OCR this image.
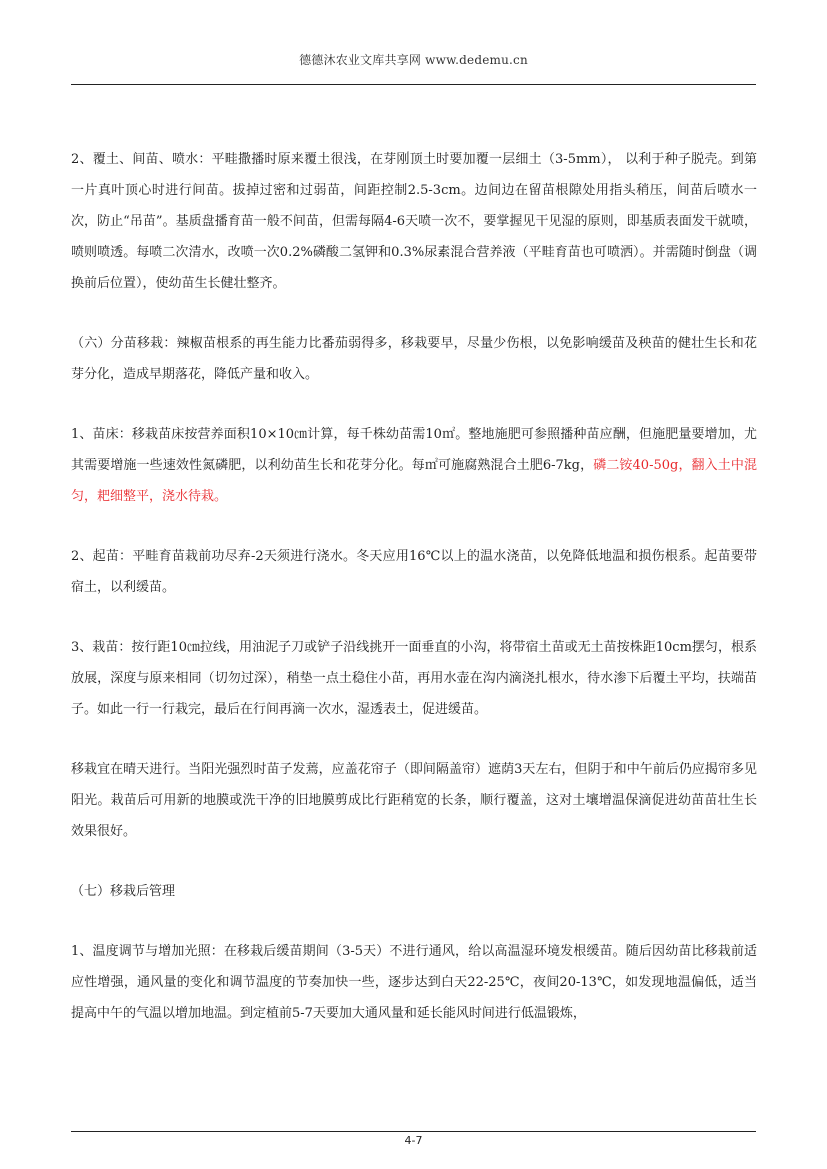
德德沐农业文库共享网 www.dedemu.cn

2、覆土、间苗、喷水：平畦撒播时原来覆土很浅，在芽刚顶土时要加覆一层细土（3-5mm）， 以利于种子脱壳。到第一片真叶顶心时进行间苗。拔掉过密和过弱苗，间距控制2.5-3cm。边间边在留苗根隙处用指头稍压，间苗后喷水一次，防止“吊苗”。基质盘播育苗一般不间苗，但需每隔4-6天喷一次不，要掌握见干见湿的原则，即基质表面发干就喷，喷则喷透。每喷二次清水，改喷一次0.2%磷酸二氢钾和0.3%尿素混合营养液（平畦育苗也可喷洒）。并需随时倒盘（调换前后位置），使幼苗生长健壮整齐。

（六）分苗移栽：辣椒苗根系的再生能力比番茄弱得多，移栽要早，尽量少伤根，以免影响缓苗及秧苗的健壮生长和花芽分化，造成早期落花，降低产量和收入。

1、苗床：移栽苗床按营养面积10×10㎝计算，每千株幼苗需10㎡。整地施肥可参照播种苗应酬，但施肥量要增加，尤其需要增施一些速效性氮磷肥，以利幼苗生长和花芽分化。每㎡可施腐熟混合土肥6-7kg，磷二铵40-50g，翻入土中混匀，耙细整平，浇水待栽。

2、起苗：平畦育苗栽前功尽弃-2天须进行浇水。冬天应用16℃以上的温水浇苗，以免降低地温和损伤根系。起苗要带宿土，以利缓苗。

3、栽苗：按行距10㎝拉线，用油泥子刀或铲子沿线挑开一面垂直的小沟，将带宿土苗或无土苗按株距10cm摆匀，根系放展，深度与原来相同（切勿过深），稍垫一点土稳住小苗，再用水壶在沟内滴浇扎根水，待水渗下后覆土平均，扶端苗子。如此一行一行栽完，最后在行间再滴一次水，湿透表土，促进缓苗。

移栽宜在晴天进行。当阳光强烈时苗子发蔫，应盖花帘子（即间隔盖帘）遮荫3天左右，但阴于和中午前后仍应揭帘多见阳光。栽苗后可用新的地膜或洗干净的旧地膜剪成比行距稍宽的长条，顺行覆盖，这对土壤增温保滴促进幼苗苗壮生长效果很好。

（七）移栽后管理

1、温度调节与增加光照：在移栽后缓苗期间（3-5天）不进行通风，给以高温湿环境发根缓苗。随后因幼苗比移栽前适应性增强，通风量的变化和调节温度的节奏加快一些，逐步达到白天22-25℃，夜间20-13℃，如发现地温偏低，适当提高中午的气温以增加地温。到定植前5-7天要加大通风量和延长能风时间进行低温锻炼，

4-7
